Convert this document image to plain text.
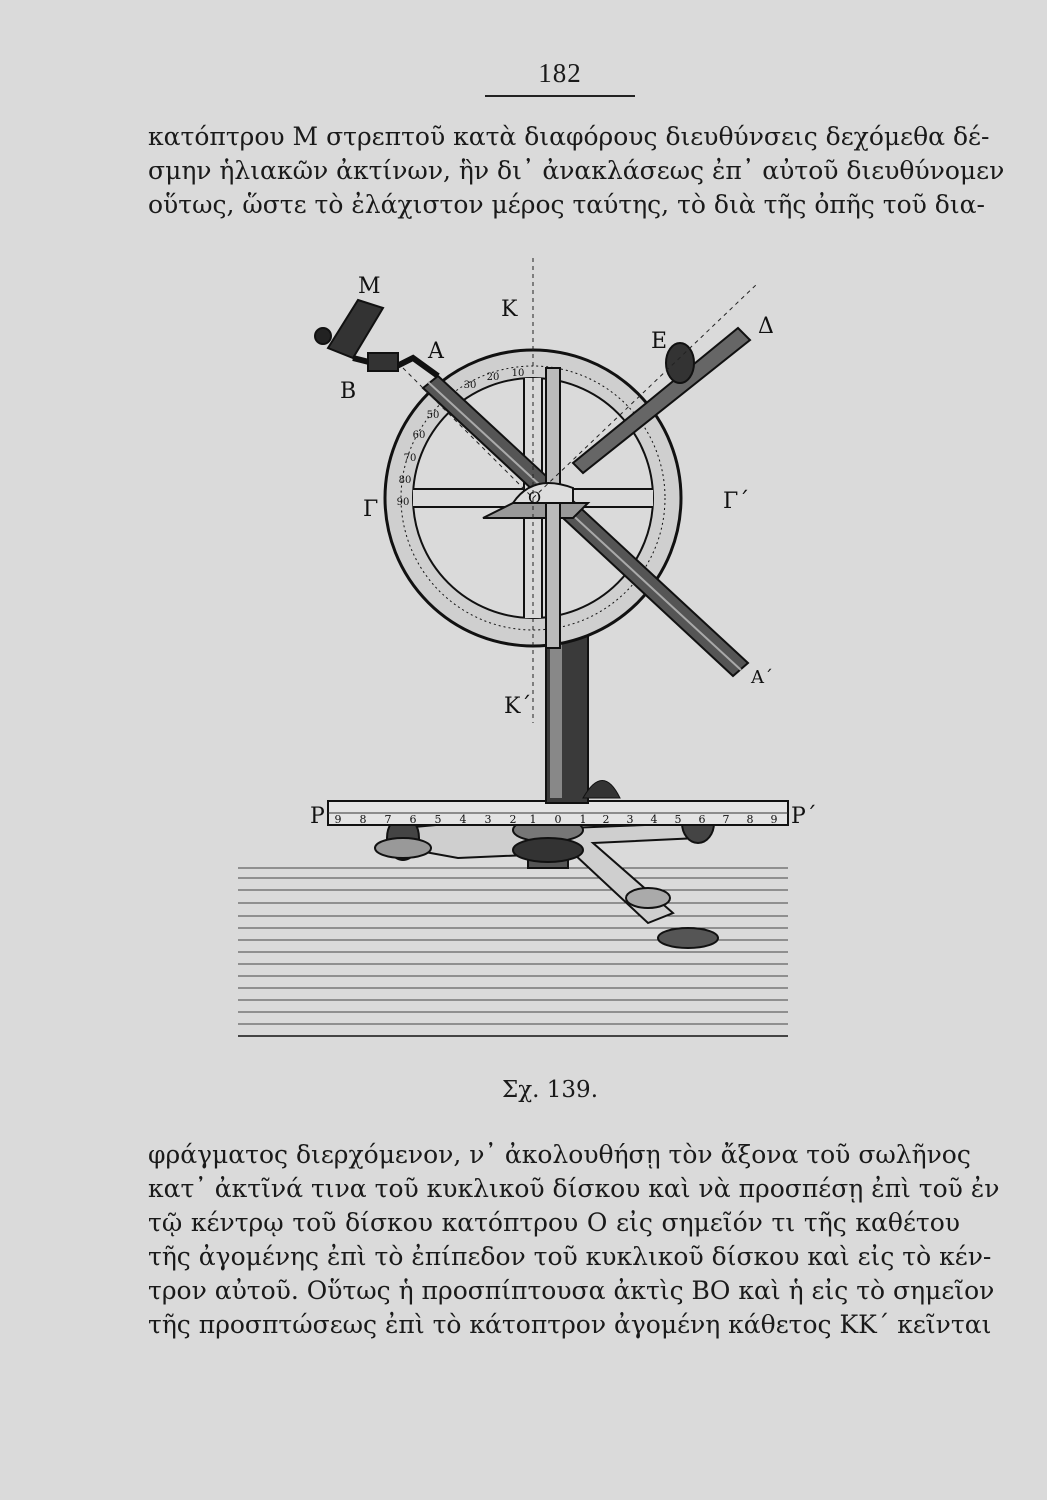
182
κατόπτρου Μ στρεπτοῦ κατὰ διαφόρους διευθύνσεις δεχόμεθα δέ-
σμην ἡλιακῶν ἀκτίνων, ἣν δι᾽ ἀνακλάσεως ἐπ᾽ αὐτοῦ διευθύνομεν
οὕτως, ὥστε τὸ ἐλάχιστον μέρος ταύτης, τὸ διὰ τῆς ὀπῆς τοῦ δια-
9 8 7 6 5 4 3 2 1 0 1 2 3 4 5 6 7 8 9
10
20
30
50
60
70
80
90
Μ
Κ
Α
Β
Ε
Δ
Γ	Γ΄
Ο
Κ΄
Α΄
Ρ	Ρ΄
Σχ. 139.
φράγματος διερχόμενον, ν᾽ ἀκολουθήσῃ τὸν ἄξονα τοῦ σωλῆνος
κατ᾽ ἀκτῖνά τινα τοῦ κυκλικοῦ δίσκου καὶ νὰ προσπέσῃ ἐπὶ τοῦ ἐν
τῷ κέντρῳ τοῦ δίσκου κατόπτρου Ο εἰς σημεῖόν τι τῆς καθέτου
τῆς ἀγομένης ἐπὶ τὸ ἐπίπεδον τοῦ κυκλικοῦ δίσκου καὶ εἰς τὸ κέν-
τρον αὐτοῦ. Οὕτως ἡ προσπίπτουσα ἀκτὶς ΒΟ καὶ ἡ εἰς τὸ σημεῖον
τῆς προσπτώσεως ἐπὶ τὸ κάτοπτρον ἀγομένη κάθετος ΚΚ΄ κεῖνται
